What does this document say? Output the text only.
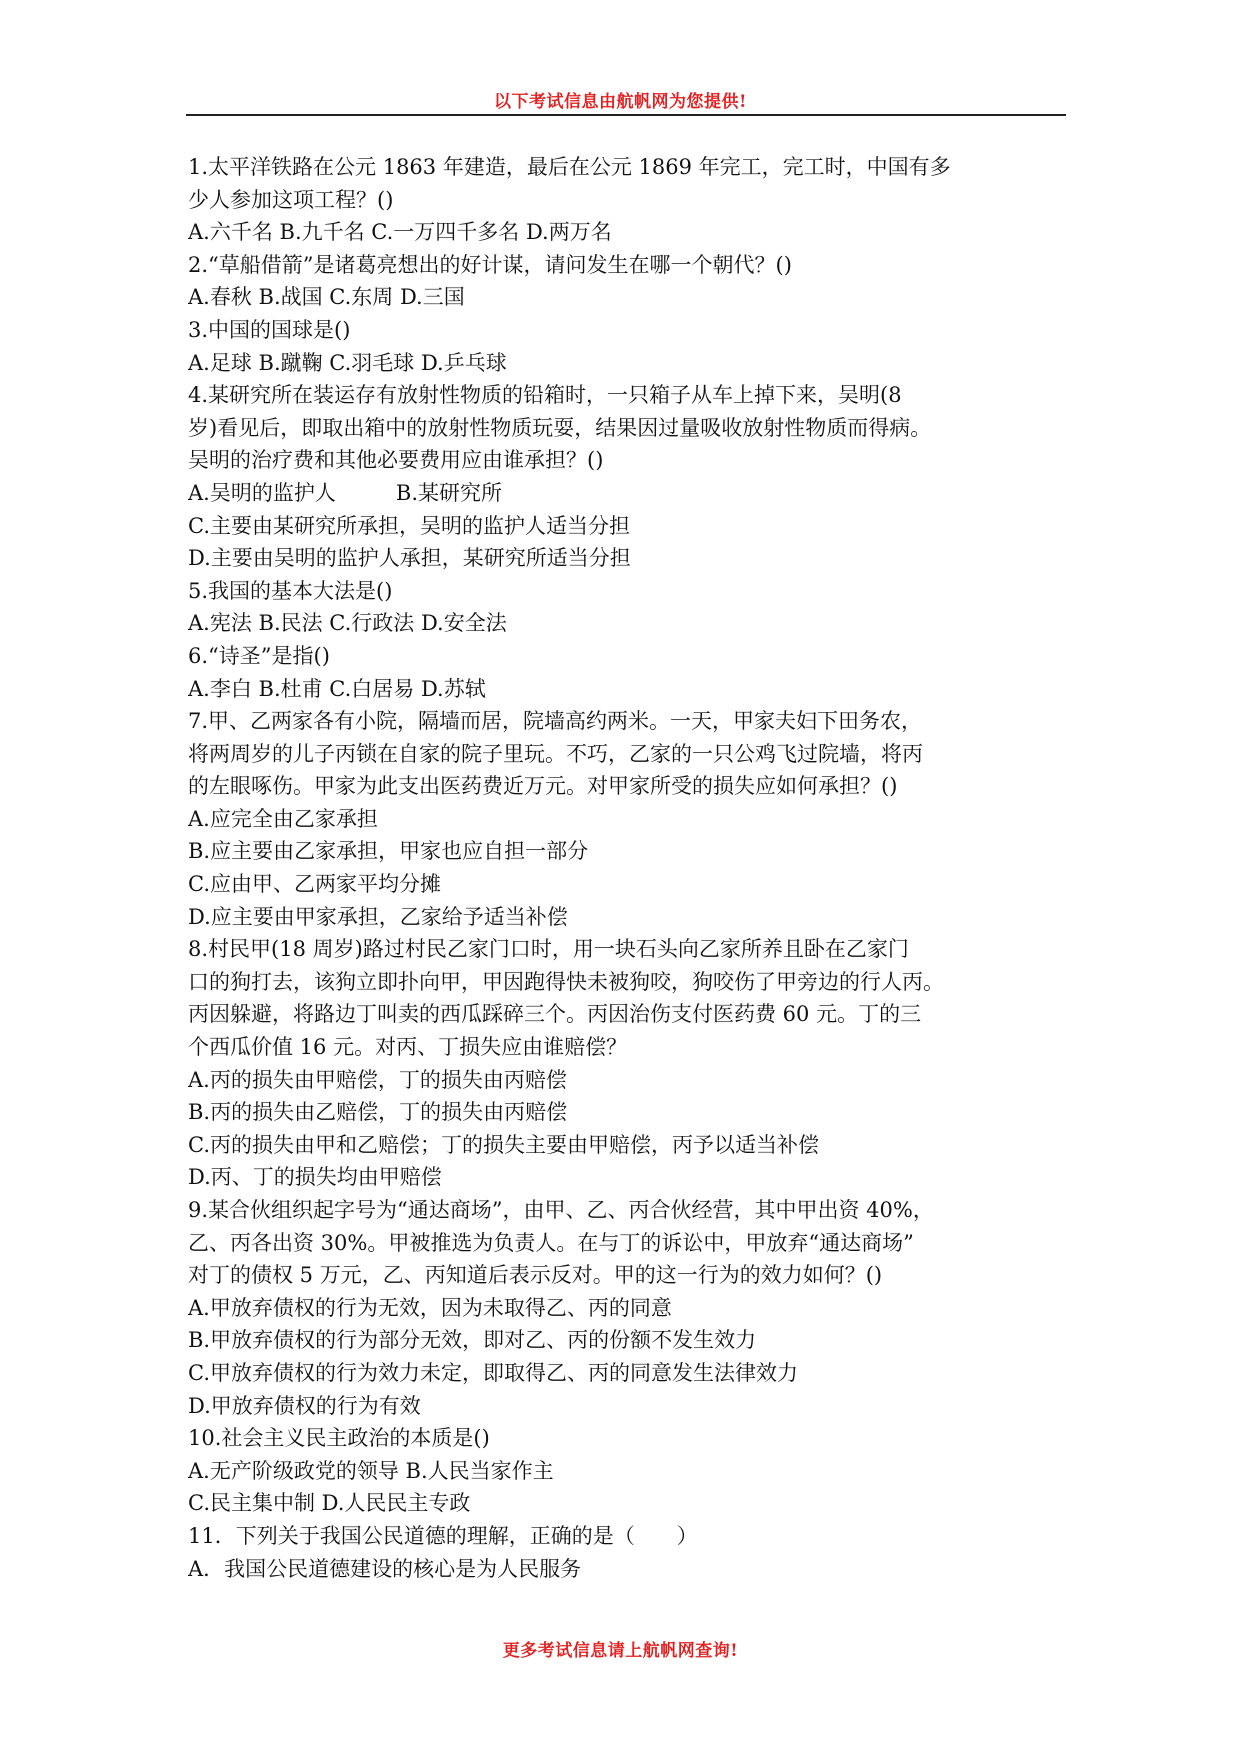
以下考试信息由航帆网为您提供!
1.太平洋铁路在公元 1863 年建造，最后在公元 1869 年完工，完工时，中国有多
少人参加这项工程？()
A.六千名 B.九千名 C.一万四千多名 D.两万名
2.“草船借箭”是诸葛亮想出的好计谋，请问发生在哪一个朝代？()
A.春秋 B.战国 C.东周 D.三国
3.中国的国球是()
A.足球 B.蹴鞠 C.羽毛球 D.乒乓球
4.某研究所在装运存有放射性物质的铅箱时，一只箱子从车上掉下来，吴明(8
岁)看见后，即取出箱中的放射性物质玩耍，结果因过量吸收放射性物质而得病。
吴明的治疗费和其他必要费用应由谁承担？()
A.吴明的监护人         B.某研究所
C.主要由某研究所承担，吴明的监护人适当分担
D.主要由吴明的监护人承担，某研究所适当分担
5.我国的基本大法是()
A.宪法 B.民法 C.行政法 D.安全法
6.“诗圣”是指()
A.李白 B.杜甫 C.白居易 D.苏轼
7.甲、乙两家各有小院，隔墙而居，院墙高约两米。一天，甲家夫妇下田务农，
将两周岁的儿子丙锁在自家的院子里玩。不巧，乙家的一只公鸡飞过院墙，将丙
的左眼啄伤。甲家为此支出医药费近万元。对甲家所受的损失应如何承担？()
A.应完全由乙家承担
B.应主要由乙家承担，甲家也应自担一部分
C.应由甲、乙两家平均分摊
D.应主要由甲家承担，乙家给予适当补偿
8.村民甲(18 周岁)路过村民乙家门口时，用一块石头向乙家所养且卧在乙家门
口的狗打去，该狗立即扑向甲，甲因跑得快未被狗咬，狗咬伤了甲旁边的行人丙。
丙因躲避，将路边丁叫卖的西瓜踩碎三个。丙因治伤支付医药费 60 元。丁的三
个西瓜价值 16 元。对丙、丁损失应由谁赔偿？
A.丙的损失由甲赔偿，丁的损失由丙赔偿
B.丙的损失由乙赔偿，丁的损失由丙赔偿
C.丙的损失由甲和乙赔偿；丁的损失主要由甲赔偿，丙予以适当补偿
D.丙、丁的损失均由甲赔偿
9.某合伙组织起字号为“通达商场”，由甲、乙、丙合伙经营，其中甲出资 40%，
乙、丙各出资 30%。甲被推选为负责人。在与丁的诉讼中，甲放弃“通达商场”
对丁的债权 5 万元，乙、丙知道后表示反对。甲的这一行为的效力如何？()
A.甲放弃债权的行为无效，因为未取得乙、丙的同意
B.甲放弃债权的行为部分无效，即对乙、丙的份额不发生效力
C.甲放弃债权的行为效力未定，即取得乙、丙的同意发生法律效力
D.甲放弃债权的行为有效
10.社会主义民主政治的本质是()
A.无产阶级政党的领导 B.人民当家作主
C.民主集中制 D.人民民主专政
11．下列关于我国公民道德的理解，正确的是（　　）
A．我国公民道德建设的核心是为人民服务
更多考试信息请上航帆网查询!
